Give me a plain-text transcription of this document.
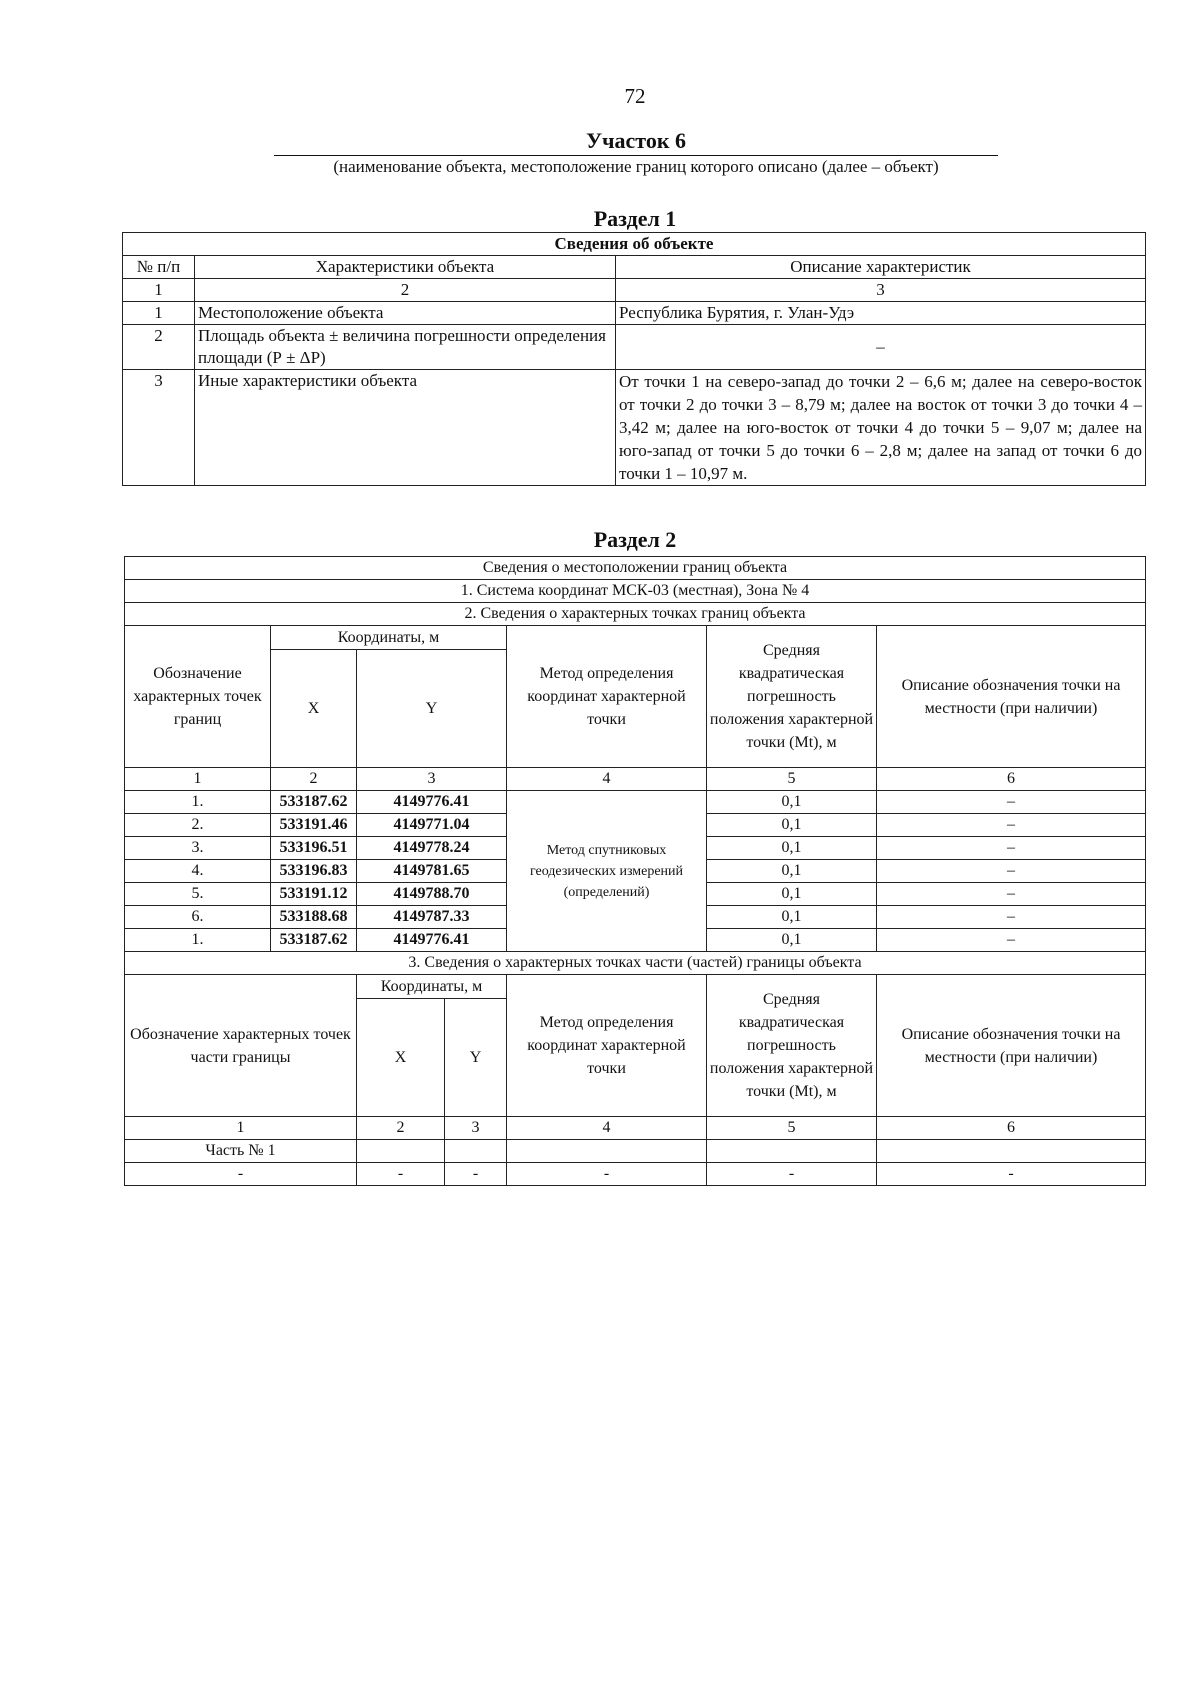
72
Участок 6
(наименование объекта, местоположение границ которого описано (далее – объект)
Раздел 1
Сведения об объекте		
№ п/п	Характеристики объекта	Описание характеристик
1	2	3
1	Местоположение объекта	Республика Бурятия, г. Улан-Удэ
2	Площадь объекта ± величина погрешности определения площади (Р ± ΔР)	–
3	Иные характеристики объекта	От точки 1 на северо-запад до точки 2 – 6,6 м; далее на северо-восток от точки 2 до точки 3 – 8,79 м; далее на восток от точки 3 до точки 4 – 3,42 м; далее на юго-восток от точки 4 до точки 5 – 9,07 м; далее на юго-запад от точки 5 до точки 6 – 2,8 м; далее на запад от точки 6 до точки 1 – 10,97 м.
Раздел 2
Сведения о местоположении границ объекта						
1. Система координат МСК-03 (местная), Зона № 4						
2. Сведения о характерных точках границ объекта						
Обозначение характерных точек границ	Координаты, м			Метод определения координат характерной точки	Средняя квадратическая погрешность положения характерной точки (Mt), м	Описание обозначения точки на местности (при наличии)
	X	Y				
1	2	3		4	5	6
1.	533187.62	4149776.41		Метод спутниковых геодезических измерений (определений)	0,1	–
2.	533191.46	4149771.04			0,1	–
3.	533196.51	4149778.24			0,1	–
4.	533196.83	4149781.65			0,1	–
5.	533191.12	4149788.70			0,1	–
6.	533188.68	4149787.33			0,1	–
1.	533187.62	4149776.41			0,1	–
3. Сведения о характерных точках части (частей) границы объекта						
Обозначение характерных точек части границы		Координаты, м		Метод определения координат характерной точки	Средняя квадратическая погрешность положения характерной точки (Mt), м	Описание обозначения точки на местности (при наличии)
		X	Y			
1		2	3	4	5	6
Часть № 1						
-		-	-	-	-	-
